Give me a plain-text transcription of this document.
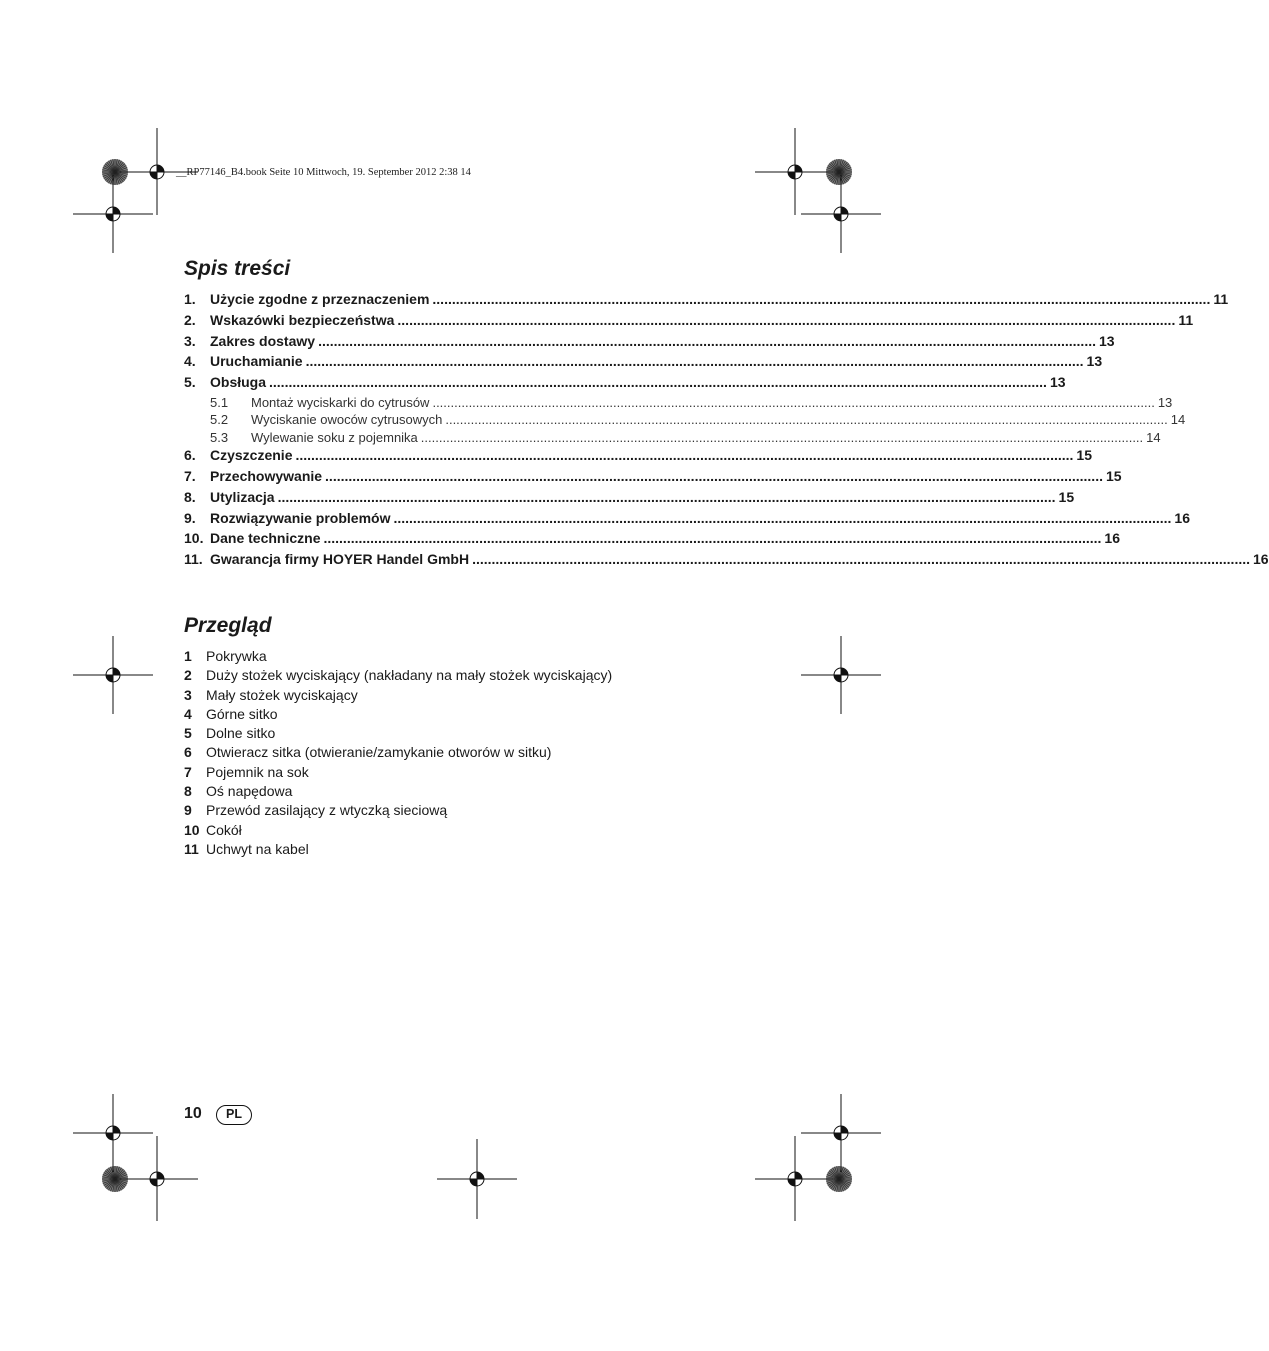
__RP77146_B4.book Seite 10 Mittwoch, 19. September 2012 2:38 14
Spis treści
1.	Użycie zgodne z przeznaczeniem ........................................................................................................................................................................................................ 11
2.	Wskazówki bezpieczeństwa ........................................................................................................................................................................................................ 11
3.	Zakres dostawy ........................................................................................................................................................................................................ 13
4.	Uruchamianie ........................................................................................................................................................................................................ 13
5.	Obsługa ........................................................................................................................................................................................................ 13
5.1	Montaż wyciskarki do cytrusów ........................................................................................................................................................................................................ 13
5.2	Wyciskanie owoców cytrusowych ........................................................................................................................................................................................................ 14
5.3	Wylewanie soku z pojemnika ........................................................................................................................................................................................................ 14
6.	Czyszczenie ........................................................................................................................................................................................................ 15
7.	Przechowywanie ........................................................................................................................................................................................................ 15
8.	Utylizacja ........................................................................................................................................................................................................ 15
9.	Rozwiązywanie problemów ........................................................................................................................................................................................................ 16
10. Dane techniczne ........................................................................................................................................................................................................ 16
11. Gwarancja firmy HOYER Handel GmbH ........................................................................................................................................................................................................ 16
Przegląd
1	Pokrywka
2	Duży stożek wyciskający (nakładany na mały stożek wyciskający)
3	Mały stożek wyciskający
4	Górne sitko
5	Dolne sitko
6	Otwieracz sitka (otwieranie/zamykanie otworów w sitku)
7	Pojemnik na sok
8	Oś napędowa
9	Przewód zasilający z wtyczką sieciową
10 Cokół
11 Uchwyt na kabel
10	PL
